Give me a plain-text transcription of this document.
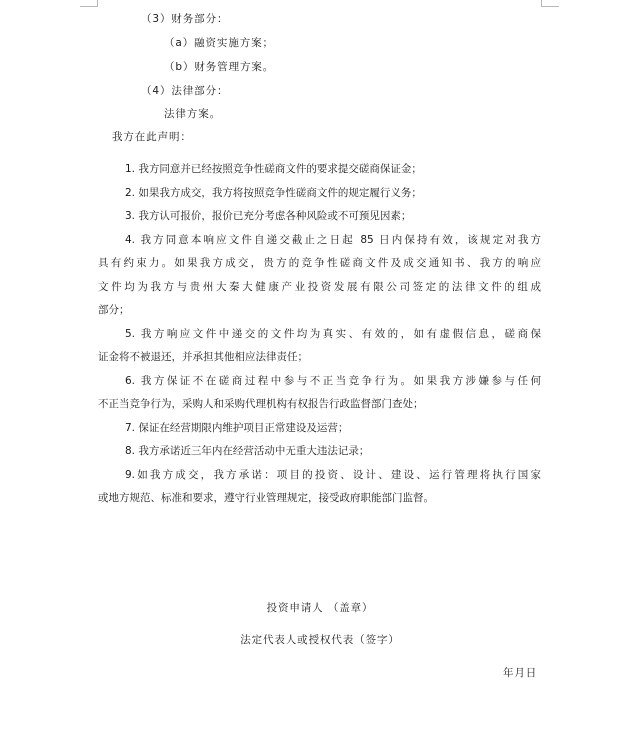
（3）财务部分：
（a）融资实施方案；
（b）财务管理方案。
（4）法律部分：
法律方案。
我方在此声明：
1. 我方同意并已经按照竞争性磋商文件的要求提交磋商保证金；
2. 如果我方成交，我方将按照竞争性磋商文件的规定履行义务；
3. 我方认可报价，报价已充分考虑各种风险或不可预见因素；
4. 我方同意本响应文件自递交截止之日起 85 日内保持有效，该规定对我方
具有约束力。如果我方成交，贵方的竞争性磋商文件及成交通知书、我方的响应
文件均为我方与贵州大秦大健康产业投资发展有限公司签定的法律文件的组成
部分；
5. 我方响应文件中递交的文件均为真实、有效的，如有虚假信息，磋商保
证金将不被退还，并承担其他相应法律责任；
6. 我方保证不在磋商过程中参与不正当竞争行为。如果我方涉嫌参与任何
不正当竞争行为，采购人和采购代理机构有权报告行政监督部门查处；
7. 保证在经营期限内维护项目正常建设及运营；
8. 我方承诺近三年内在经营活动中无重大违法记录；
9.如我方成交，我方承诺：项目的投资、设计、建设、运行管理将执行国家
或地方规范、标准和要求，遵守行业管理规定，接受政府职能部门监督。
投资申请人 （盖章）
法定代表人或授权代表（签字）
年月日
